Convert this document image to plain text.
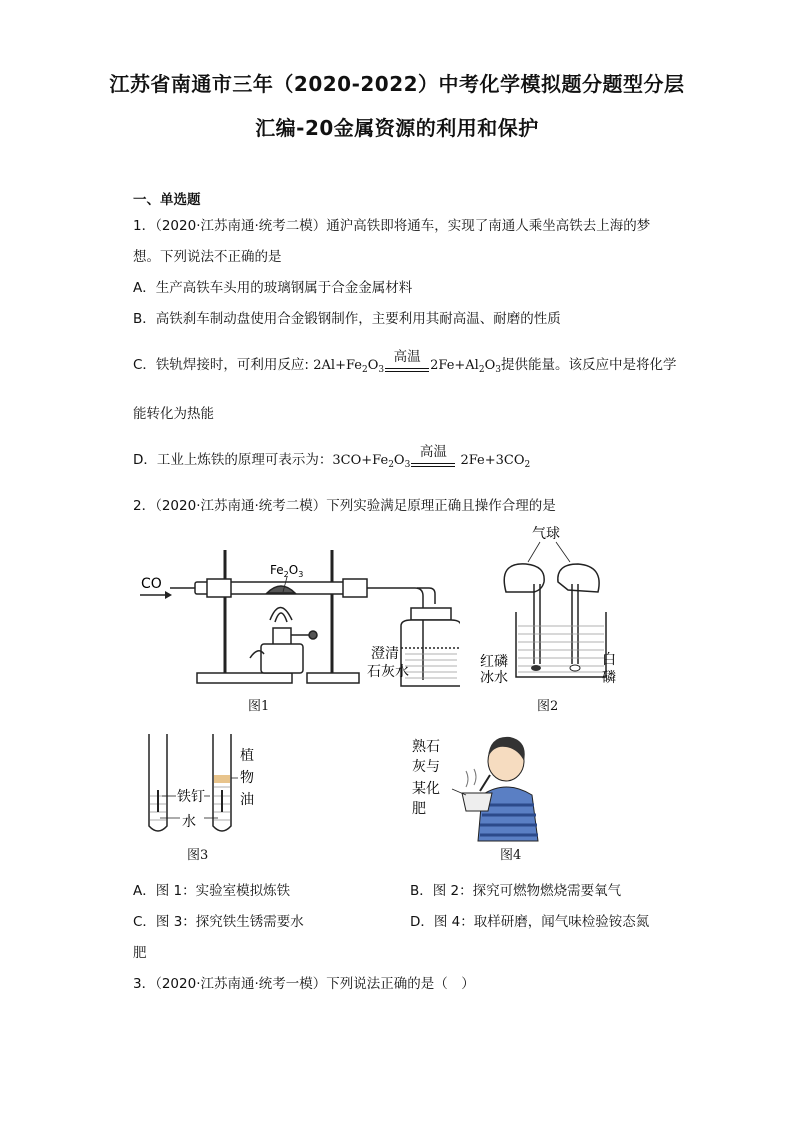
江苏省南通市三年（2020-2022）中考化学模拟题分题型分层
汇编-20金属资源的利用和保护
一、单选题
1．（2020·江苏南通·统考二模）通沪高铁即将通车，实现了南通人乘坐高铁去上海的梦
想。下列说法不正确的是
A．生产高铁车头用的玻璃钢属于合金金属材料
B．高铁刹车制动盘使用合金锻钢制作，主要利用其耐高温、耐磨的性质
C．铁轨焊接时，可利用反应: $2Al+Fe_2O_3$
高温
$2Fe+Al_2O_3$提供能量。该反应中是将化学
能转化为热能
D．工业上炼铁的原理可表示为：$3CO+Fe_2O_3$
高温
$2Fe+3CO_2$
2．（2020·江苏南通·统考二模）下列实验满足原理正确且操作合理的是
CO
$Fe_2O_3$
澄清
石灰水
图1
气球
红磷
冰水
白
磷
图2
铁钉
水
植
物
油
图3
熟石
灰与
某化
肥
图4
A．图 1：实验室模拟炼铁	B．图 2：探究可燃物燃烧需要氧气
C．图 3：探究铁生锈需要水	D．图 4：取样研磨，闻气味检验铵态氮
肥
3．（2020·江苏南通·统考一模）下列说法正确的是（　）
